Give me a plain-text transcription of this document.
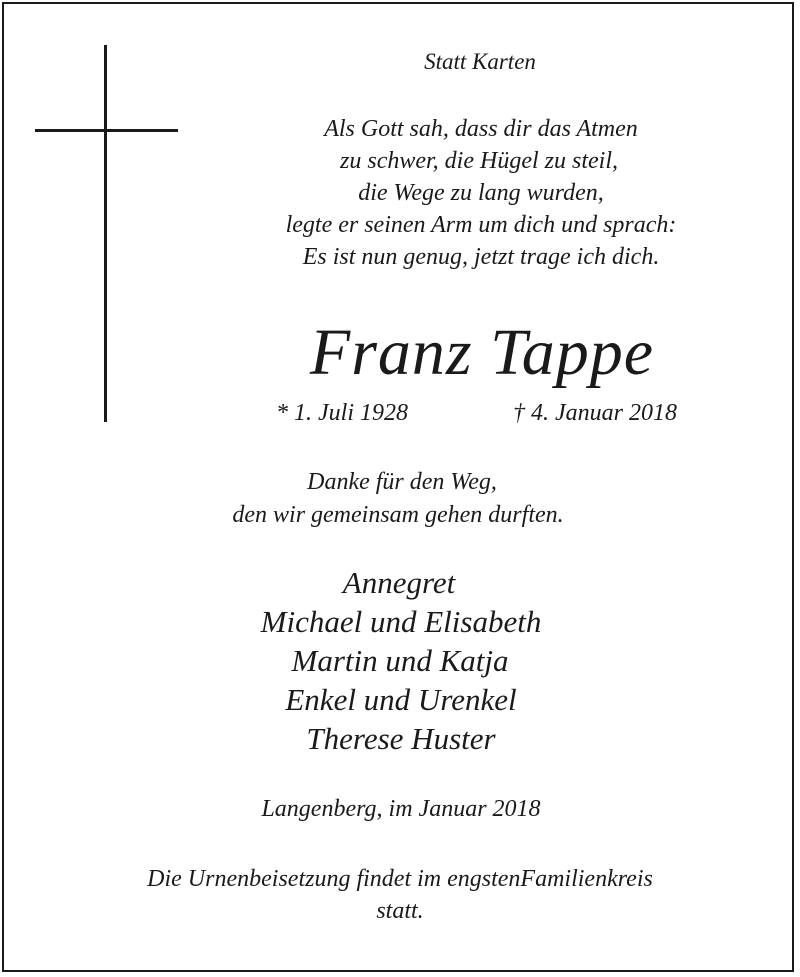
Statt Karten
Als Gott sah, dass dir das Atmen
zu schwer, die Hügel zu steil,
die Wege zu lang wurden,
legte er seinen Arm um dich und sprach:
Es ist nun genug, jetzt trage ich dich.
Franz Tappe
* 1. Juli 1928	† 4. Januar 2018
Danke für den Weg,
den wir gemeinsam gehen durften.
Annegret
Michael und Elisabeth
Martin und Katja
Enkel und Urenkel
Therese Huster
Langenberg, im Januar 2018
Die Urnenbeisetzung findet im engstenFamilienkreis
statt.
